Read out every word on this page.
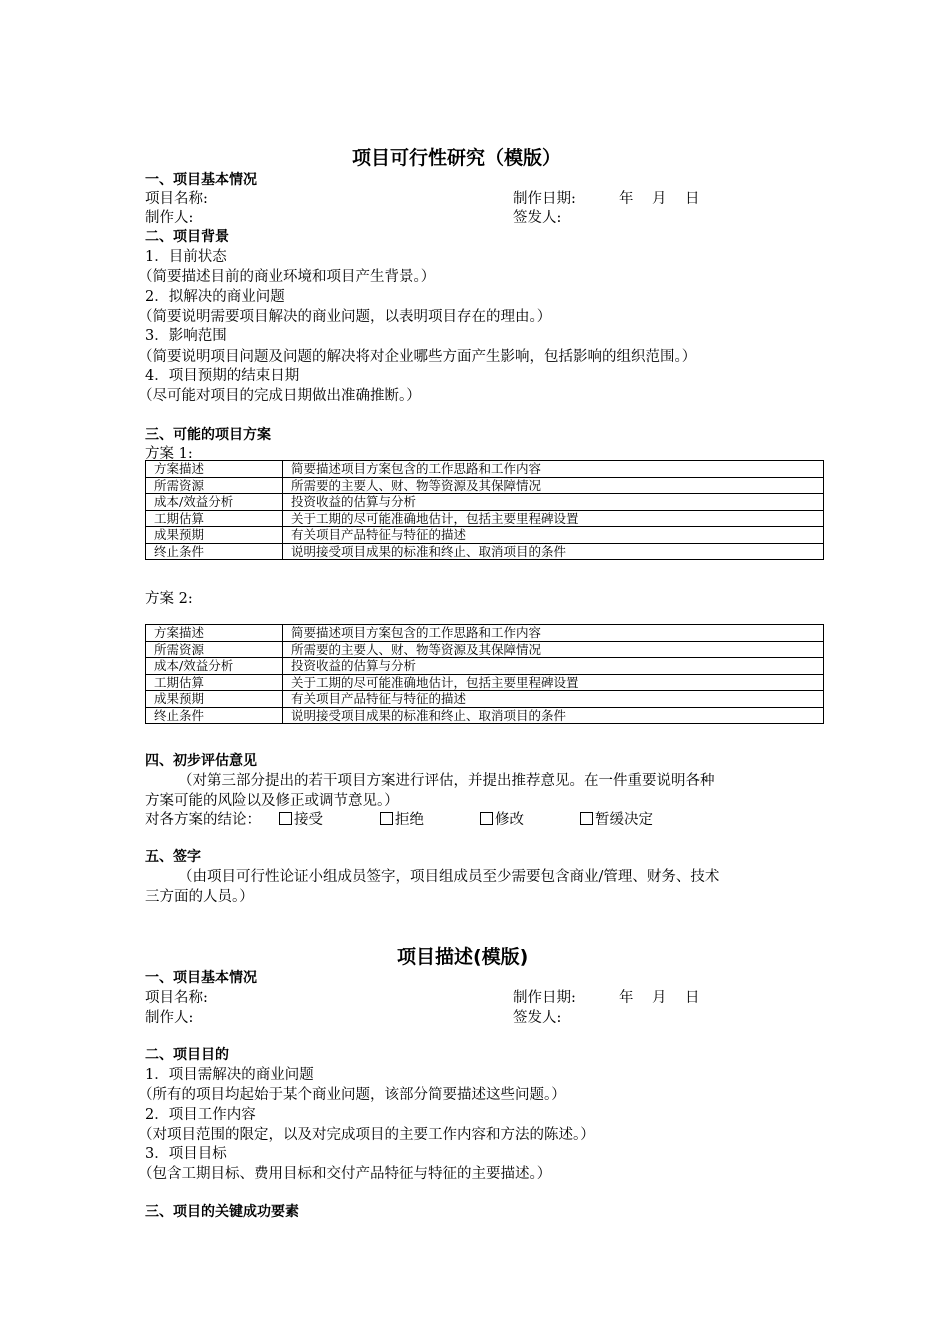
项目可行性研究（模版）
一、项目基本情况
项目名称:	制作日期:	年 月 日
制作人:	签发人:
二、项目背景
1．目前状态
（简要描述目前的商业环境和项目产生背景。）
2．拟解决的商业问题
（简要说明需要项目解决的商业问题，以表明项目存在的理由。）
3．影响范围
（简要说明项目问题及问题的解决将对企业哪些方面产生影响，包括影响的组织范围。）
4．项目预期的结束日期
（尽可能对项目的完成日期做出准确推断。）
三、可能的项目方案
方案 1:
方案描述	简要描述项目方案包含的工作思路和工作内容
所需资源	所需要的主要人、财、物等资源及其保障情况
成本/效益分析	投资收益的估算与分析
工期估算	关于工期的尽可能准确地估计，包括主要里程碑设置
成果预期	有关项目产品特征与特征的描述
终止条件	说明接受项目成果的标准和终止、取消项目的条件
方案 2:
方案描述	简要描述项目方案包含的工作思路和工作内容
所需资源	所需要的主要人、财、物等资源及其保障情况
成本/效益分析	投资收益的估算与分析
工期估算	关于工期的尽可能准确地估计，包括主要里程碑设置
成果预期	有关项目产品特征与特征的描述
终止条件	说明接受项目成果的标准和终止、取消项目的条件
四、初步评估意见
（对第三部分提出的若干项目方案进行评估，并提出推荐意见。在一件重要说明各种
方案可能的风险以及修正或调节意见。）
对各方案的结论：	接受	拒绝	修改	暂缓决定
五、签字
（由项目可行性论证小组成员签字，项目组成员至少需要包含商业/管理、财务、技术
三方面的人员。）
项目描述(模版)
一、项目基本情况
项目名称:	制作日期:	年 月 日
制作人:	签发人:
二、项目目的
1．项目需解决的商业问题
（所有的项目均起始于某个商业问题，该部分简要描述这些问题。）
2．项目工作内容
（对项目范围的限定，以及对完成项目的主要工作内容和方法的陈述。）
3．项目目标
（包含工期目标、费用目标和交付产品特征与特征的主要描述。）
三、项目的关键成功要素
